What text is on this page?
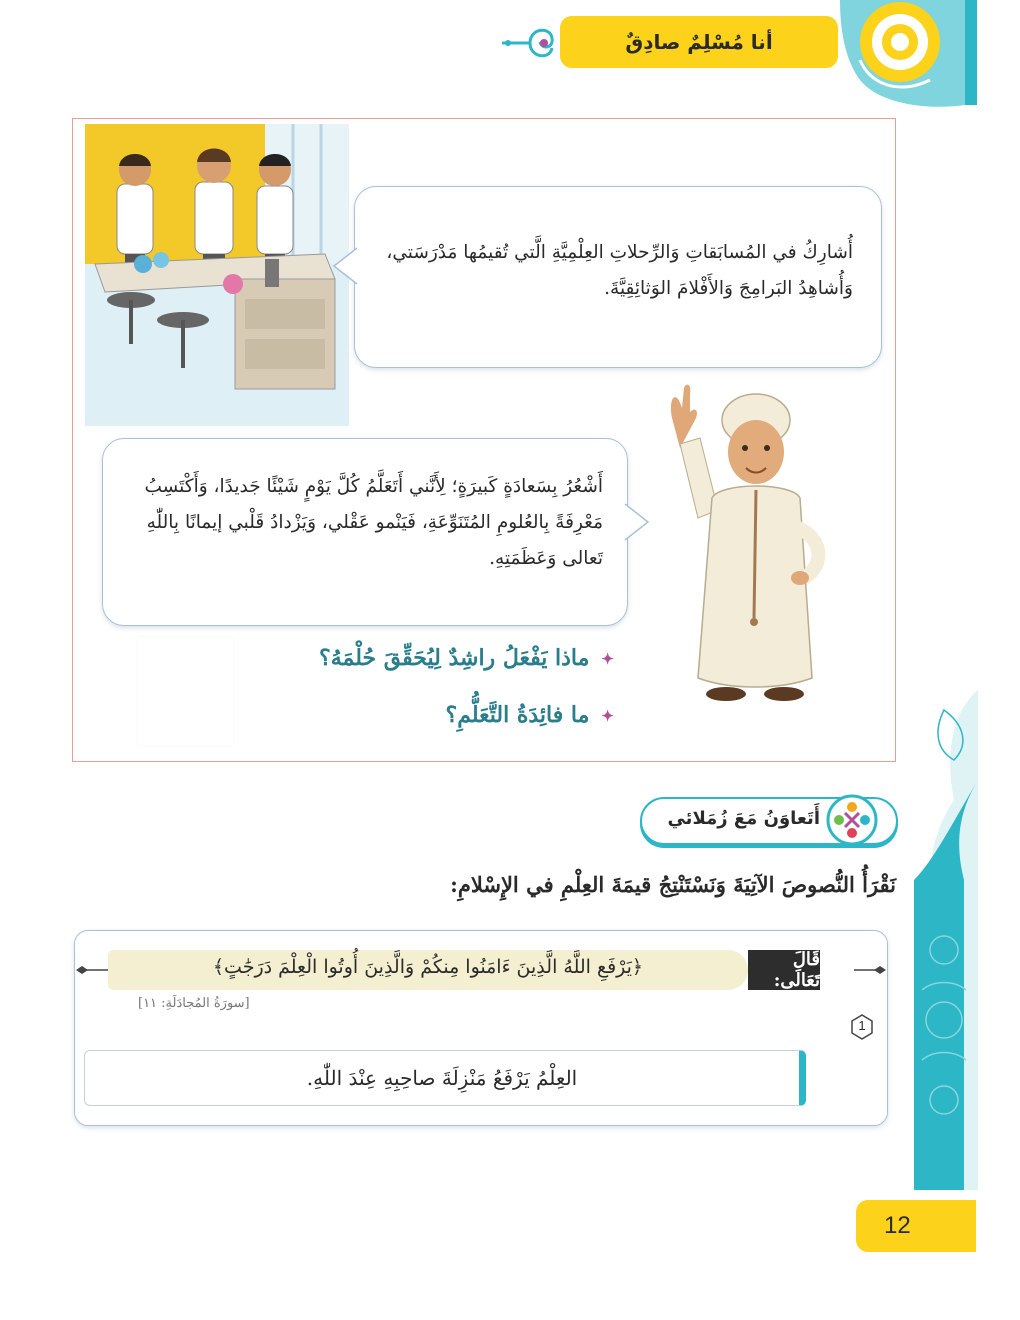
أنا مُسْلِمٌ صادِقٌ
أُشارِكُ في المُسابَقاتِ وَالرِّحلاتِ العِلْمِيَّةِ الَّتي تُقيمُها مَدْرَسَتي، وَأُشاهِدُ البَرامِجَ وَالأَفْلامَ الوَثائِقِيَّةَ.
أَشْعُرُ بِسَعادَةٍ كَبيرَةٍ؛ لِأَنَّني أَتَعَلَّمُ كُلَّ يَوْمٍ شَيْئًا جَديدًا، وَأَكْتَسِبُ مَعْرِفَةً بِالعُلومِ المُتَنَوِّعَةِ، فَيَنْمو عَقْلي، وَيَزْدادُ قَلْبي إيمانًا بِاللّٰهِ تَعالى وَعَظَمَتِهِ.
✦ماذا يَفْعَلُ راشِدٌ لِيُحَقِّقَ حُلْمَهُ؟
✦ما فائِدَةُ التَّعَلُّمِ؟
أَتَعاوَنُ مَعَ زُمَلائي
نَقْرَأُ النُّصوصَ الآتِيَةَ وَنَسْتَنْتِجُ قيمَةَ العِلْمِ في الإِسْلامِ:
﴿يَرْفَعِ اللَّهُ الَّذِينَ ءَامَنُوا مِنكُمْ وَالَّذِينَ أُوتُوا الْعِلْمَ دَرَجَٰتٍ﴾	قَالَ تَعَالَى:
[سورَةُ المُجادَلَةِ: ١١]
1
العِلْمُ يَرْفَعُ مَنْزِلَةَ صاحِبِهِ عِنْدَ اللّٰهِ.
12
